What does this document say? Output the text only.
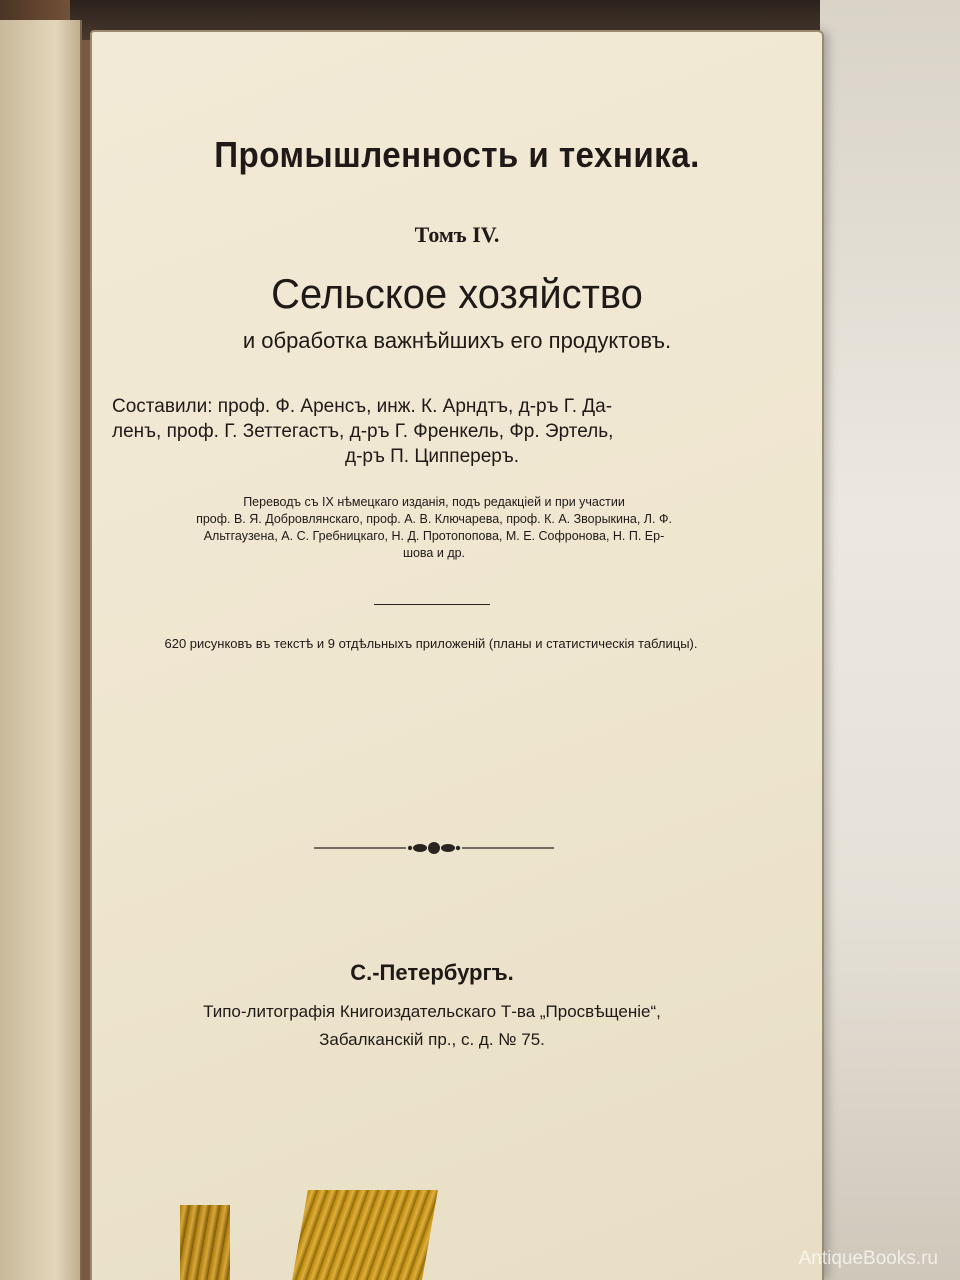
Промышленность и техника.
Томъ IV.
Сельское хозяйство
и обработка важнѣйшихъ его продуктовъ.
Составили: проф. Ф. Аренсъ, инж. К. Арндтъ, д-ръ Г. Да-
ленъ, проф. Г. Зеттегастъ, д-ръ Г. Френкель, Фр. Эртель,
д-ръ П. Циппереръ.
Переводъ съ IX нѣмецкаго изданія, подъ редакціей и при участии
проф. В. Я. Добровлянскаго, проф. А. В. Ключарева, проф. К. А. Зворыкина, Л. Ф.
Альтгаузена, А. С. Гребницкаго, Н. Д. Протопопова, М. Е. Софронова, Н. П. Ер-
шова и др.
620 рисунковъ въ текстѣ и 9 отдѣльныхъ приложеній (планы и статистическія таблицы).
С.-Петербургъ.
Типо-литографія Книгоиздательскаго Т-ва „Просвѣщеніе“,
Забалканскій пр., с. д. № 75.
AntiqueBooks.ru
